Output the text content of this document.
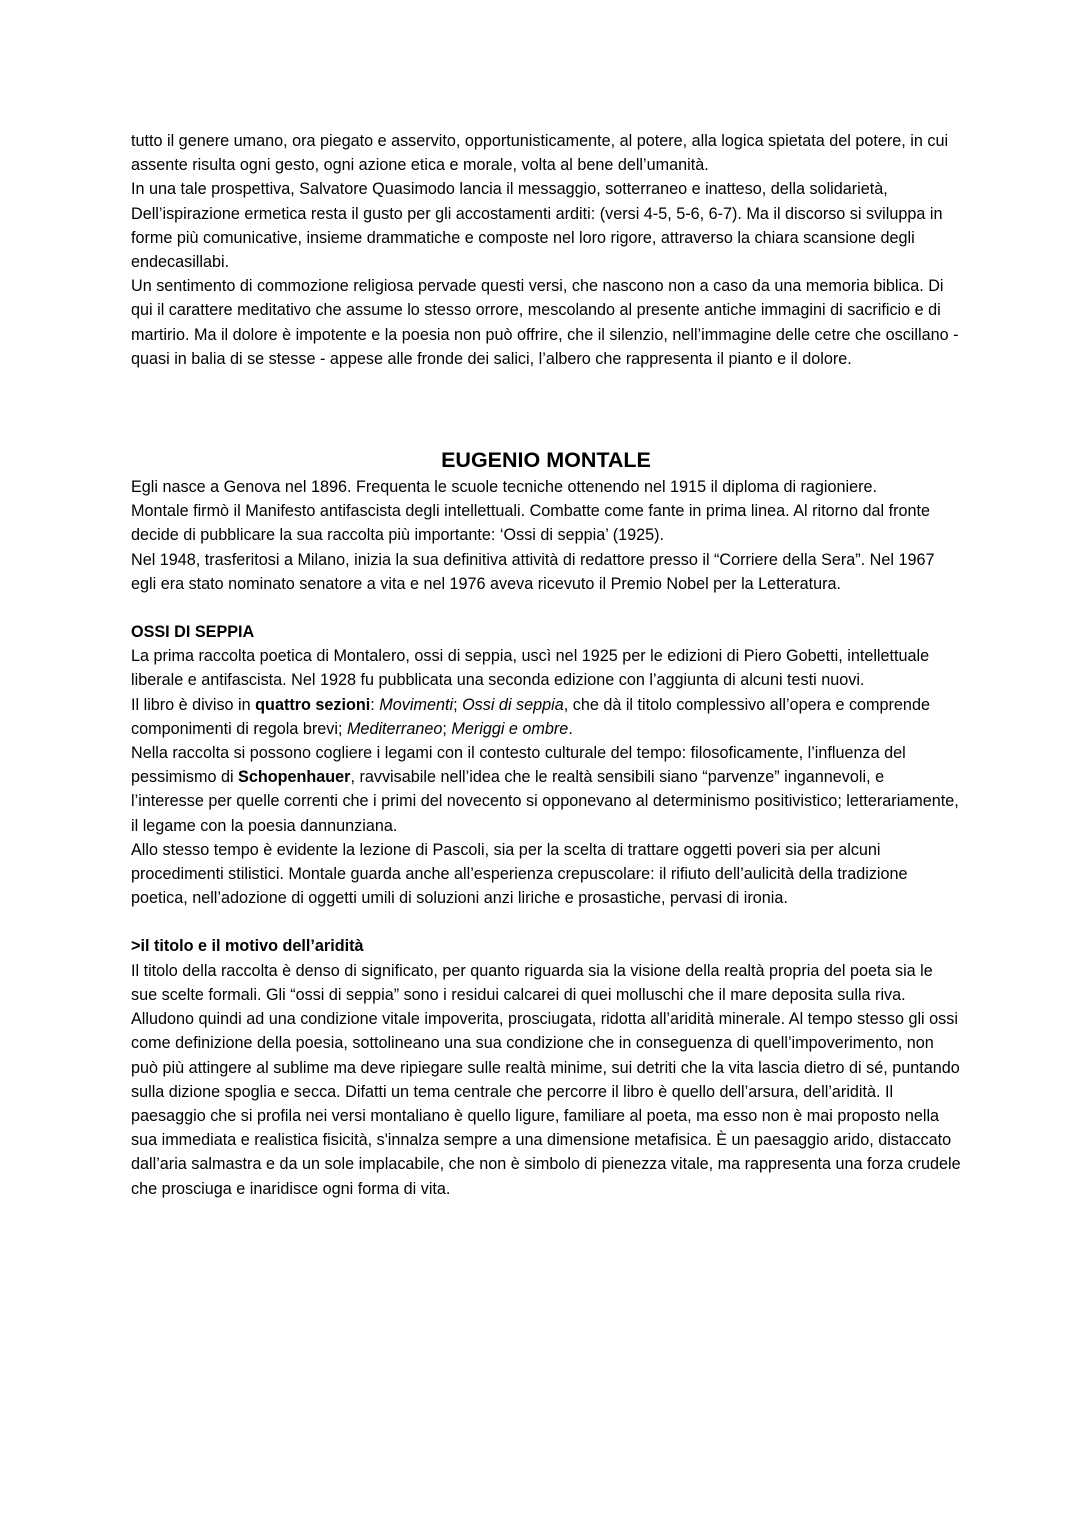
tutto il genere umano, ora piegato e asservito, opportunisticamente, al potere, alla logica spietata del potere, in cui assente risulta ogni gesto, ogni azione etica e morale, volta al bene dell’umanità.

In una tale prospettiva, Salvatore Quasimodo lancia il messaggio, sotterraneo e inatteso, della solidarietà,

Dell’ispirazione ermetica resta il gusto per gli accostamenti arditi: (versi 4-5, 5-6, 6-7). Ma il discorso si sviluppa in forme più comunicative, insieme drammatiche e composte nel loro rigore, attraverso la chiara scansione degli endecasillabi.

Un sentimento di commozione religiosa pervade questi versi, che nascono non a caso da una memoria biblica. Di qui il carattere meditativo che assume lo stesso orrore, mescolando al presente antiche immagini di sacrificio e di martirio. Ma il dolore è impotente e la poesia non può offrire, che il silenzio, nell’immagine delle cetre che oscillano - quasi in balia di se stesse - appese alle fronde dei salici, l’albero che rappresenta il pianto e il dolore.

EUGENIO MONTALE

Egli nasce a Genova nel 1896. Frequenta le scuole tecniche ottenendo nel 1915 il diploma di ragioniere.

Montale firmò il Manifesto antifascista degli intellettuali. Combatte come fante in prima linea. Al ritorno dal fronte decide di pubblicare la sua raccolta più importante: ‘Ossi di seppia’ (1925).

Nel 1948, trasferitosi a Milano, inizia la sua definitiva attività di redattore presso il “Corriere della Sera”. Nel 1967 egli era stato nominato senatore a vita e nel 1976 aveva ricevuto il Premio Nobel per la Letteratura.

OSSI DI SEPPIA

La prima raccolta poetica di Montalero, ossi di seppia, uscì nel 1925 per le edizioni di Piero Gobetti, intellettuale liberale e antifascista. Nel 1928 fu pubblicata una seconda edizione con l’aggiunta di alcuni testi nuovi.

Il libro è diviso in quattro sezioni: Movimenti; Ossi di seppia, che dà il titolo complessivo all’opera e comprende componimenti di regola brevi; Mediterraneo; Meriggi e ombre.

Nella raccolta si possono cogliere i legami con il contesto culturale del tempo: filosoficamente, l’influenza del pessimismo di Schopenhauer, ravvisabile nell’idea che le realtà sensibili siano “parvenze” ingannevoli, e l’interesse per quelle correnti che i primi del novecento si opponevano al determinismo positivistico; letterariamente, il legame con la poesia dannunziana.

Allo stesso tempo è evidente la lezione di Pascoli, sia per la scelta di trattare oggetti poveri sia per alcuni procedimenti stilistici. Montale guarda anche all’esperienza crepuscolare: il rifiuto dell’aulicità della tradizione poetica, nell’adozione di oggetti umili di soluzioni anzi liriche e prosastiche, pervasi di ironia.

>il titolo e il motivo dell’aridità

Il titolo della raccolta è denso di significato, per quanto riguarda sia la visione della realtà propria del poeta sia le sue scelte formali. Gli “ossi di seppia” sono i residui calcarei di quei molluschi che il mare deposita sulla riva. Alludono quindi ad una condizione vitale impoverita, prosciugata, ridotta all’aridità minerale. Al tempo stesso gli ossi come definizione della poesia, sottolineano una sua condizione che in conseguenza di quell’impoverimento, non può più attingere al sublime ma deve ripiegare sulle realtà minime, sui detriti che la vita lascia dietro di sé, puntando sulla dizione spoglia e secca. Difatti un tema centrale che percorre il libro è quello dell’arsura, dell’aridità. Il paesaggio che si profila nei versi montaliano è quello ligure, familiare al poeta, ma esso non è mai proposto nella sua immediata e realistica fisicità, s'innalza sempre a una dimensione metafisica. È un paesaggio arido, distaccato dall’aria salmastra e da un sole implacabile, che non è simbolo di pienezza vitale, ma rappresenta una forza crudele che prosciuga e inaridisce ogni forma di vita.
